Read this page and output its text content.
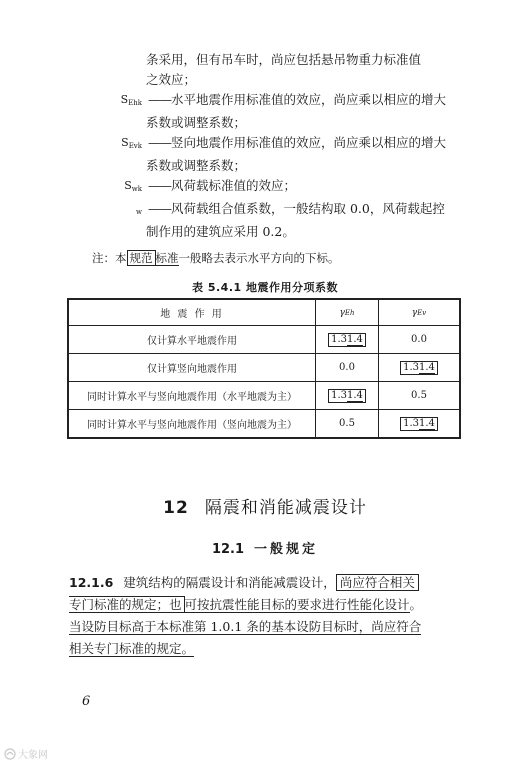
条采用，但有吊车时，尚应包括悬吊物重力标准值
之效应；
$S_{Ehk}$ ——水平地震作用标准值的效应，尚应乘以相应的增大
系数或调整系数；
$S_{Evk}$ ——竖向地震作用标准值的效应，尚应乘以相应的增大
系数或调整系数；
$S_{wk}$ ——风荷载标准值的效应；
$_w$ ——风荷载组合值系数，一般结构取 0.0，风荷载起控
制作用的建筑应采用 0.2。
注：本 规范 标准一般略去表示水平方向的下标。
表 5.4.1 地震作用分项系数
地 震 作 用	γEh	γEv
仅计算水平地震作用	1.31.4	0.0
仅计算竖向地震作用	0.0	1.31.4
同时计算水平与竖向地震作用（水平地震为主）	1.31.4	0.5
同时计算水平与竖向地震作用（竖向地震为主）	0.5	1.31.4
12 隔震和消能减震设计
12.1 一般规定
12.1.6 建筑结构的隔震设计和消能减震设计， 尚应符合相关
专门标准的规定；也 可按抗震性能目标的要求进行性能化设计。
当设防目标高于本标准第 1.0.1 条的基本设防目标时，尚应符合
相关专门标准的规定。
6
大象网
